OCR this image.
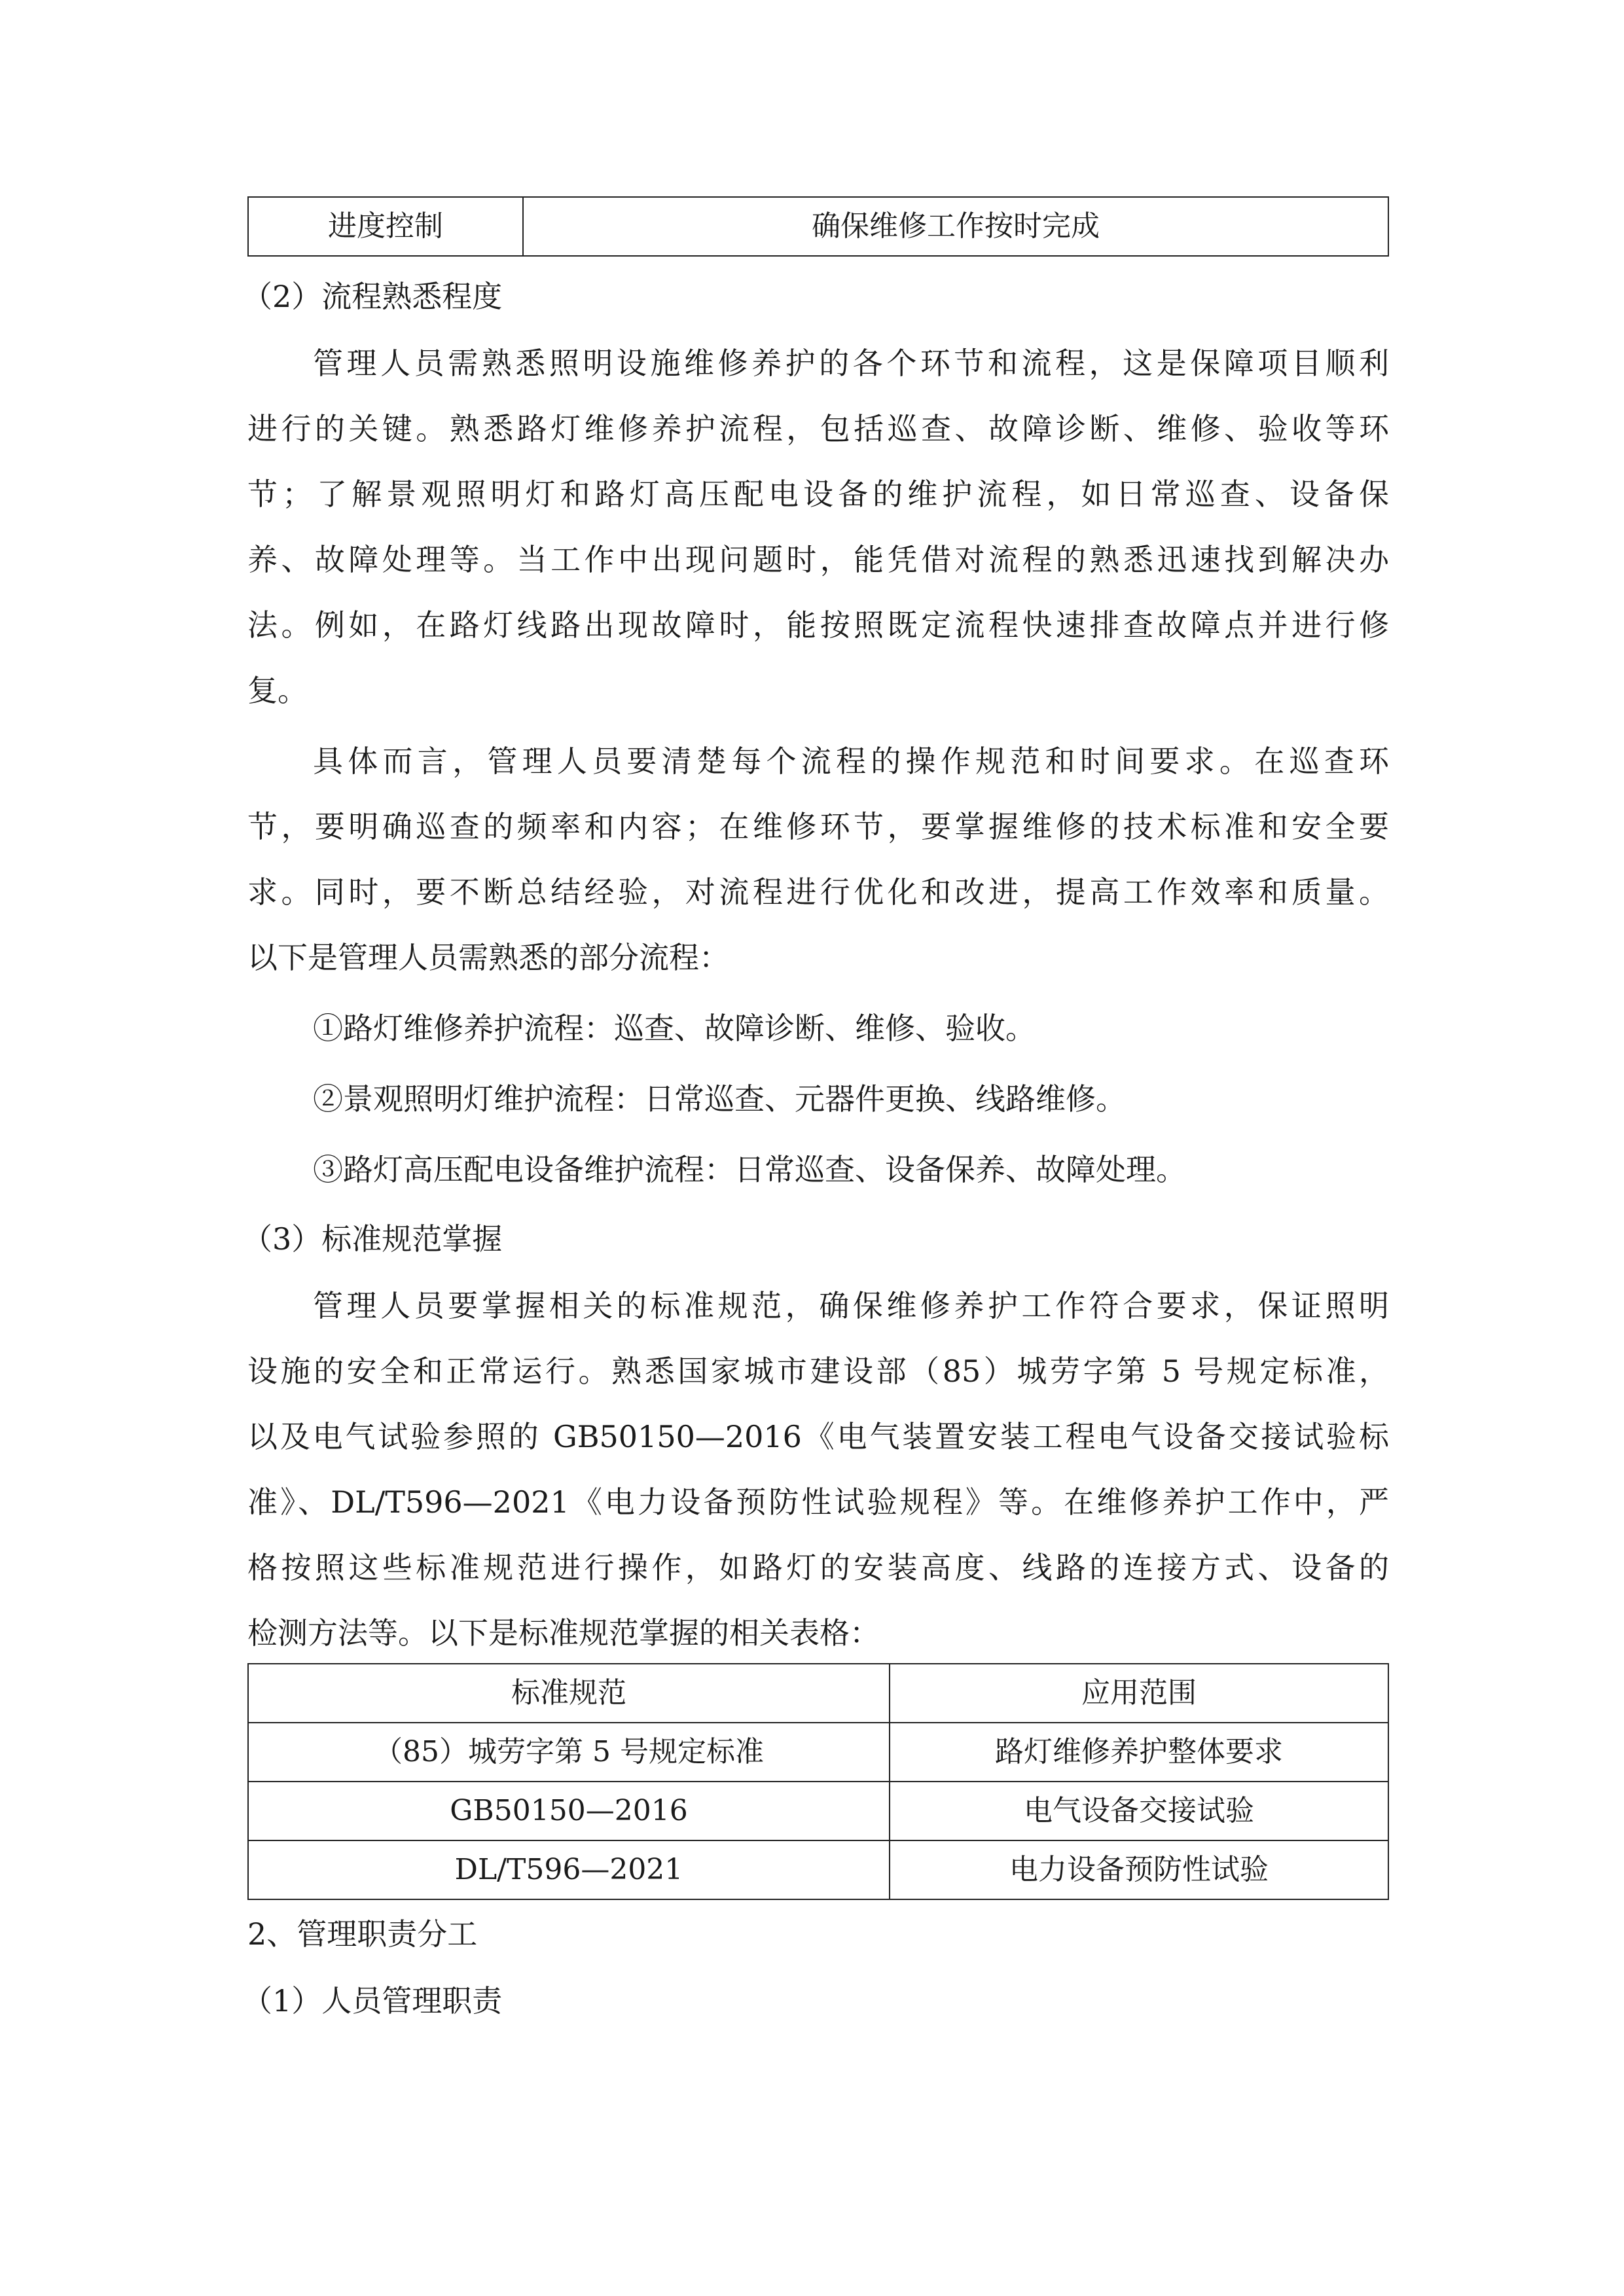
进度控制	确保维修工作按时完成
（2）流程熟悉程度
管理人员需熟悉照明设施维修养护的各个环节和流程，这是保障项目顺利
进行的关键。熟悉路灯维修养护流程，包括巡查、故障诊断、维修、验收等环
节；了解景观照明灯和路灯高压配电设备的维护流程，如日常巡查、设备保
养、故障处理等。当工作中出现问题时，能凭借对流程的熟悉迅速找到解决办
法。例如，在路灯线路出现故障时，能按照既定流程快速排查故障点并进行修
复。
具体而言，管理人员要清楚每个流程的操作规范和时间要求。在巡查环
节，要明确巡查的频率和内容；在维修环节，要掌握维修的技术标准和安全要
求。同时，要不断总结经验，对流程进行优化和改进，提高工作效率和质量。
以下是管理人员需熟悉的部分流程：
①路灯维修养护流程：巡查、故障诊断、维修、验收。
②景观照明灯维护流程：日常巡查、元器件更换、线路维修。
③路灯高压配电设备维护流程：日常巡查、设备保养、故障处理。
（3）标准规范掌握
管理人员要掌握相关的标准规范，确保维修养护工作符合要求，保证照明
设施的安全和正常运行。熟悉国家城市建设部（85）城劳字第 5 号规定标准，
以及电气试验参照的 GB50150—2016《电气装置安装工程电气设备交接试验标
准》、DL/T596—2021《电力设备预防性试验规程》等。在维修养护工作中，严
格按照这些标准规范进行操作，如路灯的安装高度、线路的连接方式、设备的
检测方法等。以下是标准规范掌握的相关表格：
标准规范	应用范围
（85）城劳字第 5 号规定标准	路灯维修养护整体要求
GB50150—2016	电气设备交接试验
DL/T596—2021	电力设备预防性试验
2、管理职责分工
（1）人员管理职责
